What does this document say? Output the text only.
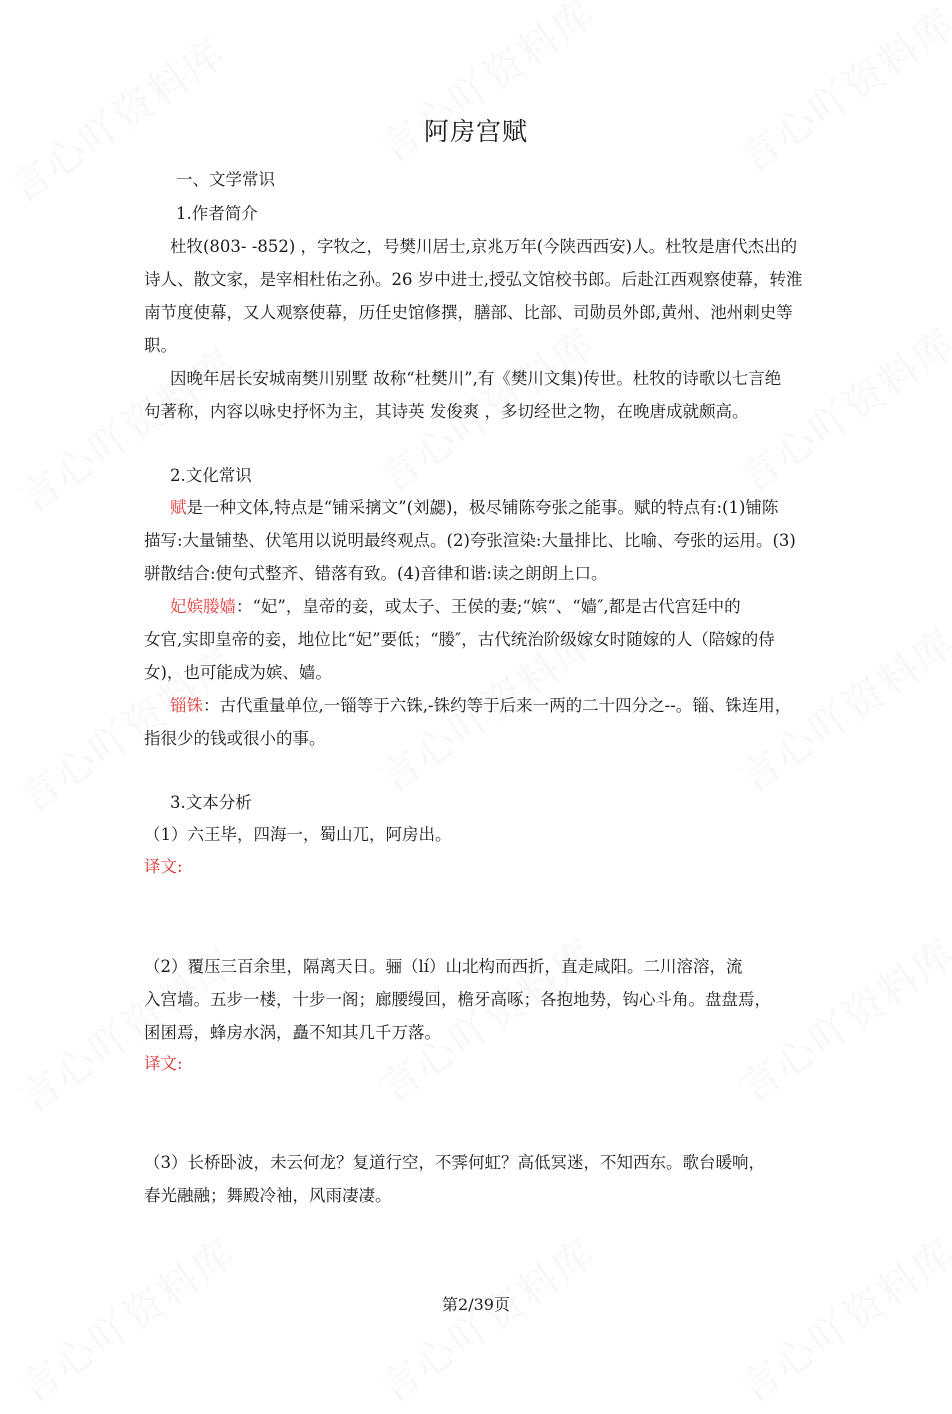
阿房宫赋
一、文学常识
1.作者简介
杜牧(803- -852) ，字牧之，号樊川居士,京兆万年(今陕西西安)人。杜牧是唐代杰出的
诗人、散文家，是宰相杜佑之孙。26 岁中进士,授弘文馆校书郎。后赴江西观察使幕，转淮
南节度使幕，又人观察使幕，历任史馆修撰，膳部、比部、司勋员外郎,黄州、池州刺史等
职。
因晚年居长安城南樊川别墅 故称“杜樊川”,有《樊川文集)传世。杜牧的诗歌以七言绝
句著称，内容以咏史抒怀为主，其诗英 发俊爽 ，多切经世之物，在晚唐成就颇高。
2.文化常识
赋是一种文体,特点是“铺采摛文”(刘勰)，极尽铺陈夸张之能事。赋的特点有:(1)铺陈
描写:大量铺垫、伏笔用以说明最终观点。(2)夸张渲染:大量排比、比喻、夸张的运用。(3)
骈散结合:使句式整齐、错落有致。(4)音律和谐:读之朗朗上口。
妃嫔媵嫱：“妃”，皇帝的妾，或太子、王侯的妻;“嫔“、“嫱″,都是古代宫廷中的
女官,实即皇帝的妾，地位比“妃”要低；“媵″，古代统治阶级嫁女时随嫁的人（陪嫁的侍
女)，也可能成为嫔、嫱。
锱铢：古代重量单位,一锱等于六铢,-铢约等于后来一两的二十四分之--。锱、铢连用，
指很少的钱或很小的事。
3.文本分析
（1）六王毕，四海一，蜀山兀，阿房出。
译文:
（2）覆压三百余里，隔离天日。骊（lí）山北构而西折，直走咸阳。二川溶溶，流
入宫墙。五步一楼，十步一阁；廊腰缦回，檐牙高啄；各抱地势，钩心斗角。盘盘焉，
囷囷焉，蜂房水涡，矗不知其几千万落。
译文:
（3）长桥卧波，未云何龙？复道行空，不霁何虹？高低冥迷，不知西东。歌台暖响，
春光融融；舞殿冷袖，风雨凄凄。
第2/39页
